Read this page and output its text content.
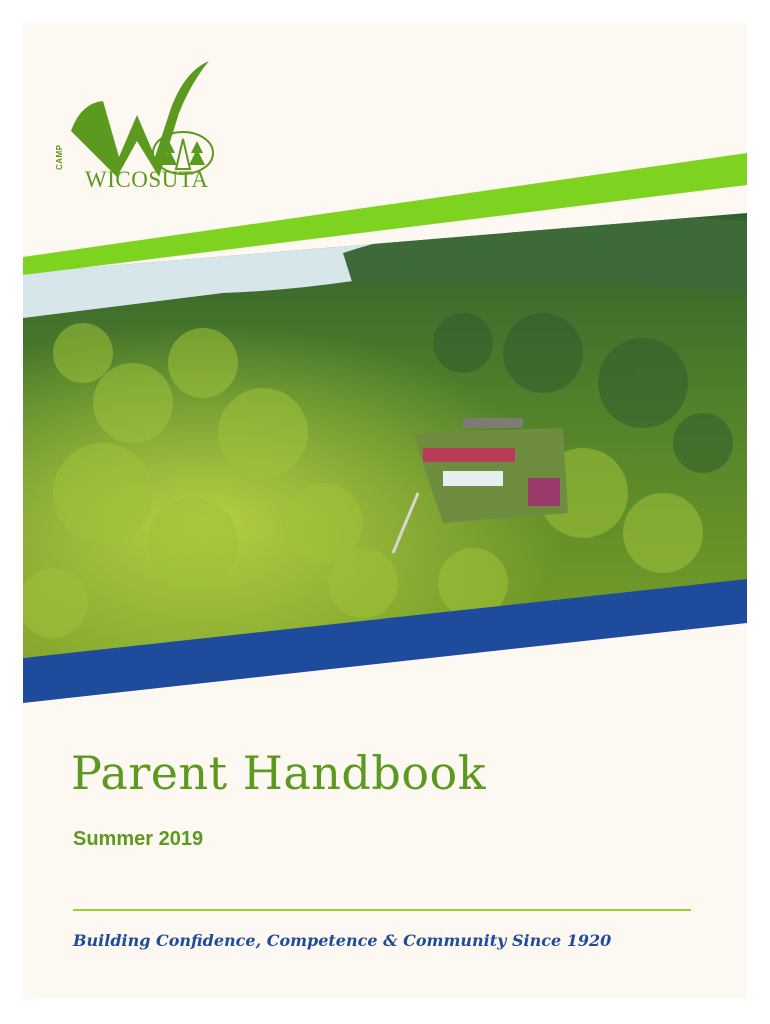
CAMP
WICOSUTA
Parent Handbook
Summer 2019
Building Confidence, Competence & Community Since 1920
